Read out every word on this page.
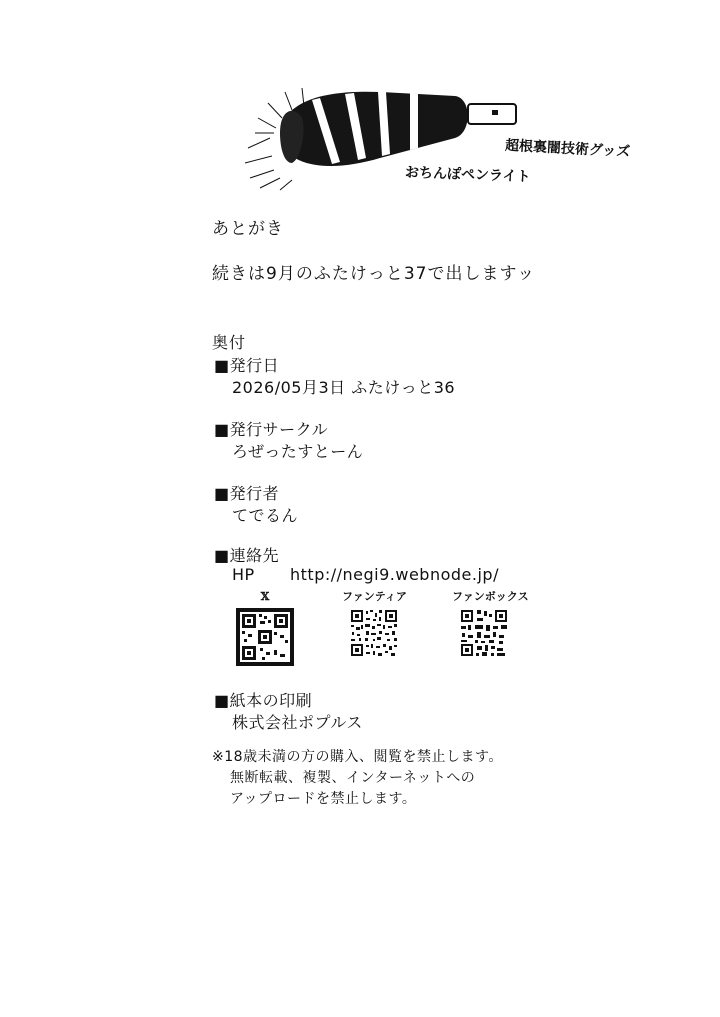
超根裏闇技術グッズ
おちんぽペンライト
あとがき
続きは9月のふたけっと37で出しますッ
奥付
■発行日
2026/05月3日 ふたけっと36
■発行サークル
ろぜったすとーん
■発行者
てでるん
■連絡先
HP http://negi9.webnode.jp/
𝕏	ファンティア	ファンボックス
■紙本の印刷
株式会社ポプルス
※18歳未満の方の購入、閲覧を禁止します。
無断転載、複製、インターネットへの
アップロードを禁止します。
